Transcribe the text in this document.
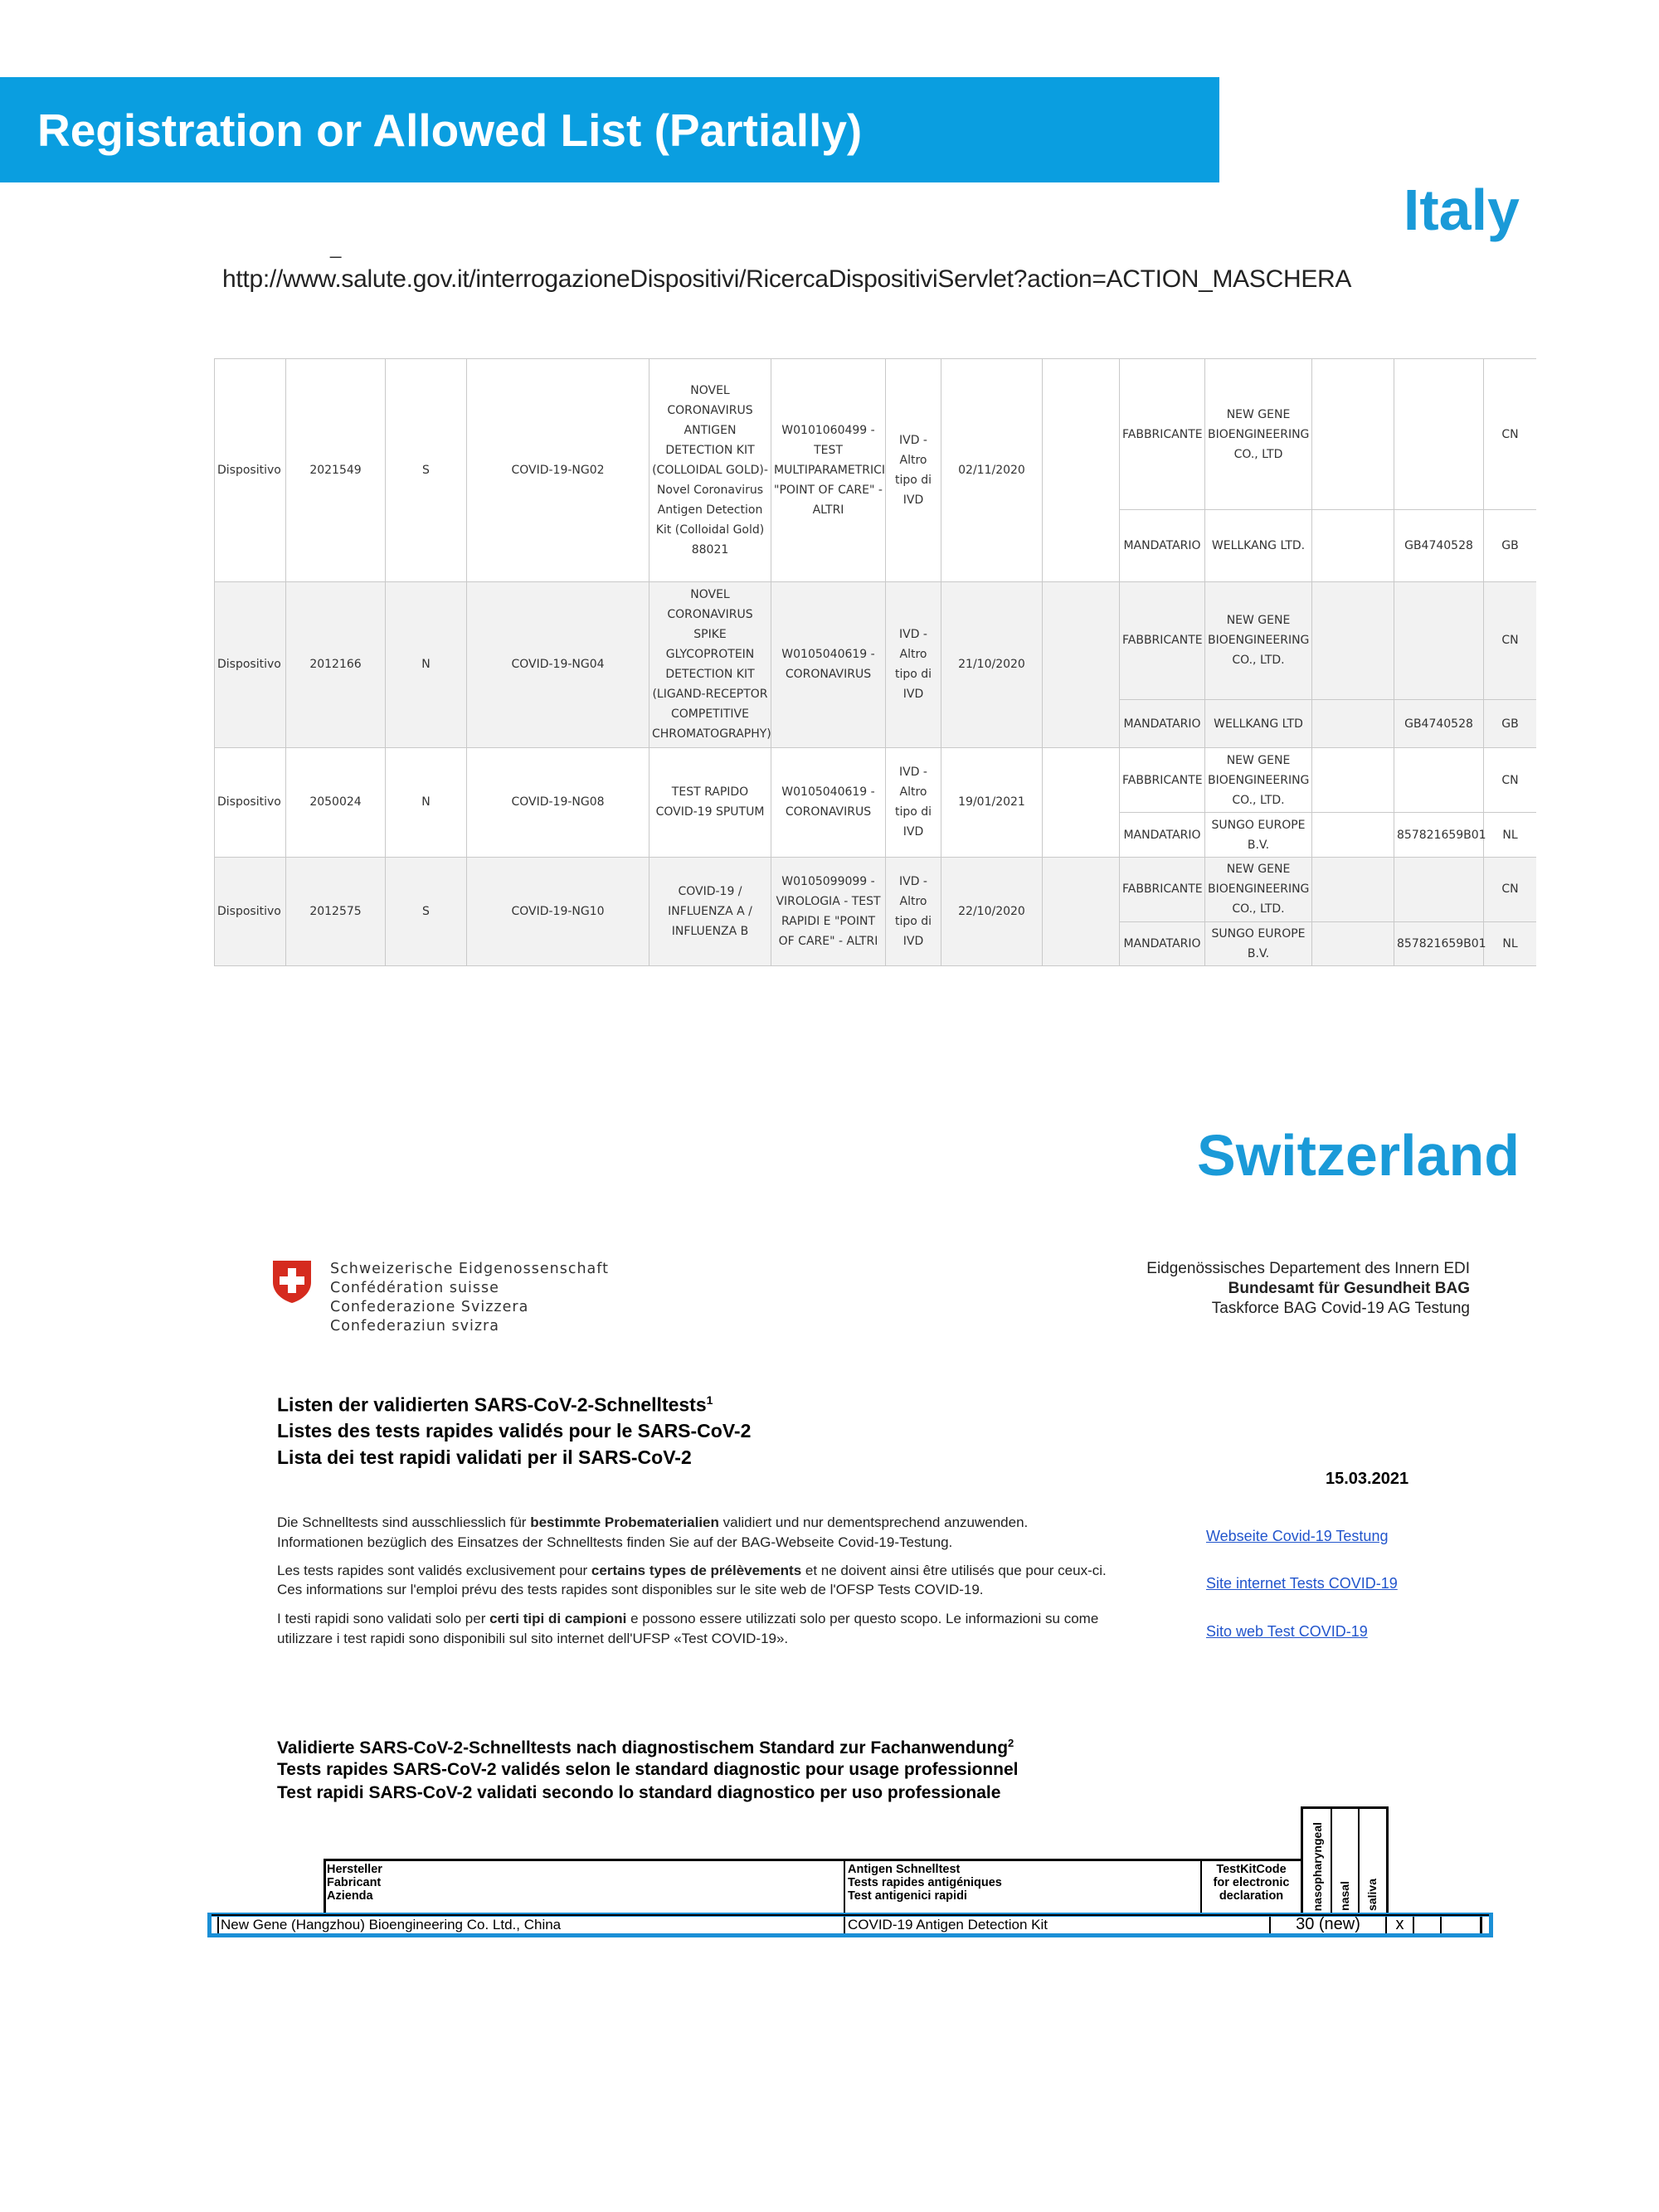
Registration or Allowed List (Partially)
Italy
_
http://www.salute.gov.it/interrogazioneDispositivi/RicercaDispositiviServlet?action=ACTION_MASCHERA
Dispositivo	2021549	S	COVID-19-NG02	NOVEL CORONAVIRUS ANTIGEN DETECTION KIT (COLLOIDAL GOLD)-Novel Coronavirus Antigen Detection Kit (Colloidal Gold) 88021	W0101060499 - TEST MULTIPARAMETRICI "POINT OF CARE" - ALTRI	IVD - Altro tipo di IVD	02/11/2020		FABBRICANTE	NEW GENE BIOENGINEERING CO., LTD			CN
									MANDATARIO	WELLKANG LTD.		GB4740528	GB
Dispositivo	2012166	N	COVID-19-NG04	NOVEL CORONAVIRUS SPIKE GLYCOPROTEIN DETECTION KIT (LIGAND-RECEPTOR COMPETITIVE CHROMATOGRAPHY)	W0105040619 - CORONAVIRUS	IVD - Altro tipo di IVD	21/10/2020		FABBRICANTE	NEW GENE BIOENGINEERING CO., LTD.			CN
									MANDATARIO	WELLKANG LTD		GB4740528	GB
Dispositivo	2050024	N	COVID-19-NG08	TEST RAPIDO COVID-19 SPUTUM	W0105040619 - CORONAVIRUS	IVD - Altro tipo di IVD	19/01/2021		FABBRICANTE	NEW GENE BIOENGINEERING CO., LTD.			CN
									MANDATARIO	SUNGO EUROPE B.V.		857821659B01	NL
Dispositivo	2012575	S	COVID-19-NG10	COVID-19 / INFLUENZA A / INFLUENZA B	W0105099099 - VIROLOGIA - TEST RAPIDI E "POINT OF CARE" - ALTRI	IVD - Altro tipo di IVD	22/10/2020		FABBRICANTE	NEW GENE BIOENGINEERING CO., LTD.			CN
									MANDATARIO	SUNGO EUROPE B.V.		857821659B01	NL
Switzerland
Schweizerische Eidgenossenschaft
Confédération suisse
Confederazione Svizzera
Confederaziun svizra
Eidgenössisches Departement des Innern EDI
Bundesamt für Gesundheit BAG
Taskforce BAG Covid-19 AG Testung
Listen der validierten SARS-CoV-2-Schnelltests$^1$
Listes des tests rapides validés pour le SARS-CoV-2
Lista dei test rapidi validati per il SARS-CoV-2
15.03.2021
Die Schnelltests sind ausschliesslich für bestimmte Probematerialien validiert und nur dementsprechend anzuwenden.
Informationen bezüglich des Einsatzes der Schnelltests finden Sie auf der BAG-Webseite Covid-19-Testung.	Webseite Covid-19 Testung
Les tests rapides sont validés exclusivement pour certains types de prélèvements et ne doivent ainsi être utilisés que pour ceux-ci.
Ces informations sur l'emploi prévu des tests rapides sont disponibles sur le site web de l'OFSP Tests COVID-19.	Site internet Tests COVID-19
I testi rapidi sono validati solo per certi tipi di campioni e possono essere utilizzati solo per questo scopo. Le informazioni su come
utilizzare i test rapidi sono disponibili sul sito internet dell'UFSP «Test COVID-19».	Sito web Test COVID-19
Validierte SARS-CoV-2-Schnelltests nach diagnostischem Standard zur Fachanwendung$^2$
Tests rapides SARS-CoV-2 validés selon le standard diagnostic pour usage professionnel
Test rapidi SARS-CoV-2 validati secondo lo standard diagnostico per uso professionale
Hersteller
Fabricant
Azienda
Antigen Schnelltest
Tests rapides antigéniques
Test antigenici rapidi
TestKitCode
for electronic
declaration	nasopharyngeal nasal saliva
New Gene (Hangzhou) Bioengineering Co. Ltd., China	COVID-19 Antigen Detection Kit	30 (new)	x
